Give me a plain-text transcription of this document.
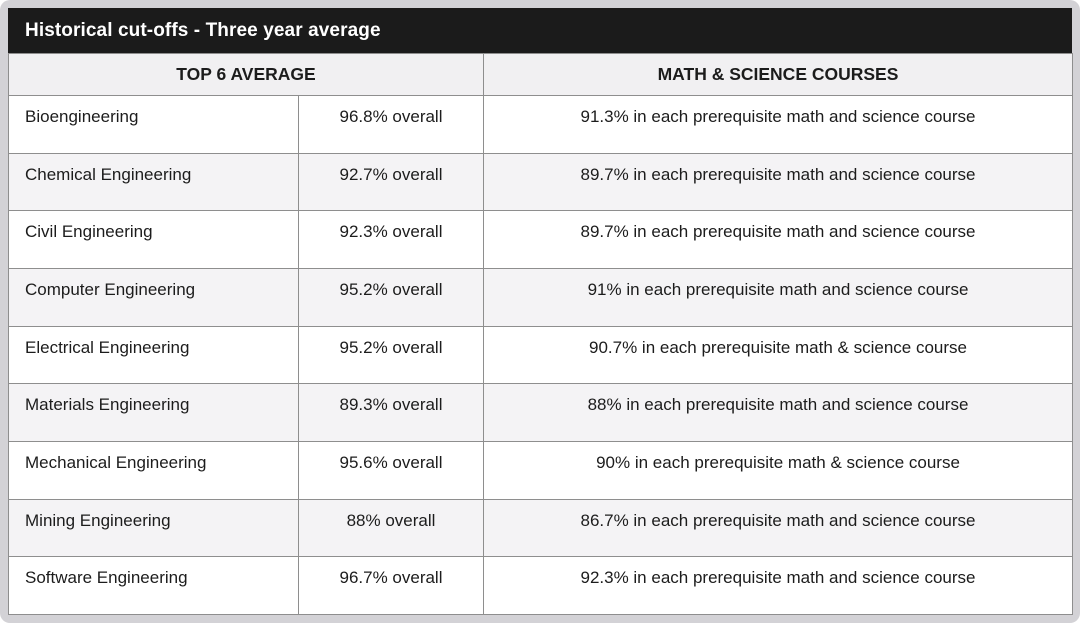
Historical cut-offs - Three year average
TOP 6 AVERAGE		MATH & SCIENCE COURSES
Bioengineering	96.8% overall	91.3% in each prerequisite math and science course
Chemical Engineering	92.7% overall	89.7% in each prerequisite math and science course
Civil Engineering	92.3% overall	89.7% in each prerequisite math and science course
Computer Engineering	95.2% overall	91% in each prerequisite math and science course
Electrical Engineering	95.2% overall	90.7% in each prerequisite math & science course
Materials Engineering	89.3% overall	88% in each prerequisite math and science course
Mechanical Engineering	95.6% overall	90% in each prerequisite math & science course
Mining Engineering	88% overall	86.7% in each prerequisite math and science course
Software Engineering	96.7% overall	92.3% in each prerequisite math and science course
